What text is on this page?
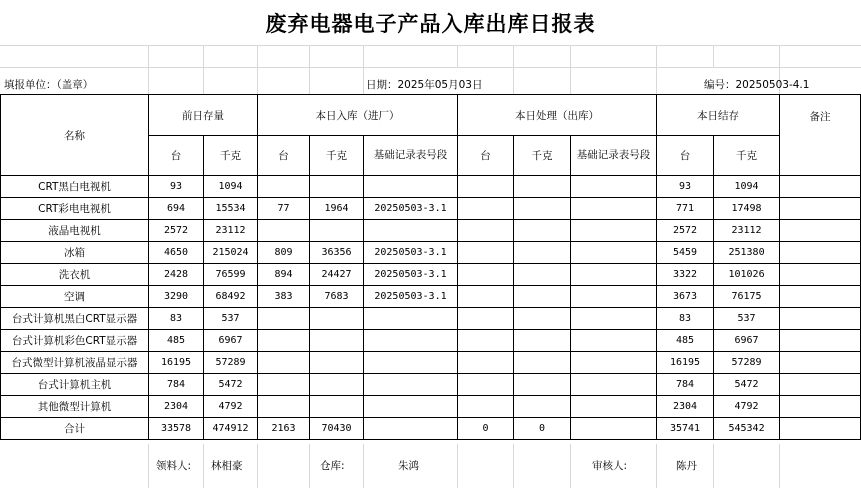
废弃电器电子产品入库出库日报表
填报单位：（盖章）	日期：2025年05月03日	编号：20250503-4.1
名称	前日存量		本日入库（进厂）			本日处理（出库）			本日结存		备注
	台	千克	台	千克	基础记录表号段	台	千克	基础记录表号段	台	千克	
CRT黑白电视机	93	1094							93	1094	
CRT彩电电视机	694	15534	77	1964	20250503-3.1				771	17498	
液晶电视机	2572	23112							2572	23112	
冰箱	4650	215024	809	36356	20250503-3.1				5459	251380	
洗衣机	2428	76599	894	24427	20250503-3.1				3322	101026	
空调	3290	68492	383	7683	20250503-3.1				3673	76175	
台式计算机黑白CRT显示器	83	537							83	537	
台式计算机彩色CRT显示器	485	6967							485	6967	
台式微型计算机液晶显示器	16195	57289							16195	57289	
台式计算机主机	784	5472							784	5472	
其他微型计算机	2304	4792							2304	4792	
合计	33578	474912	2163	70430		0	0		35741	545342	
领料人: 林相豪	仓库:	朱鸿	审核人:	陈丹
